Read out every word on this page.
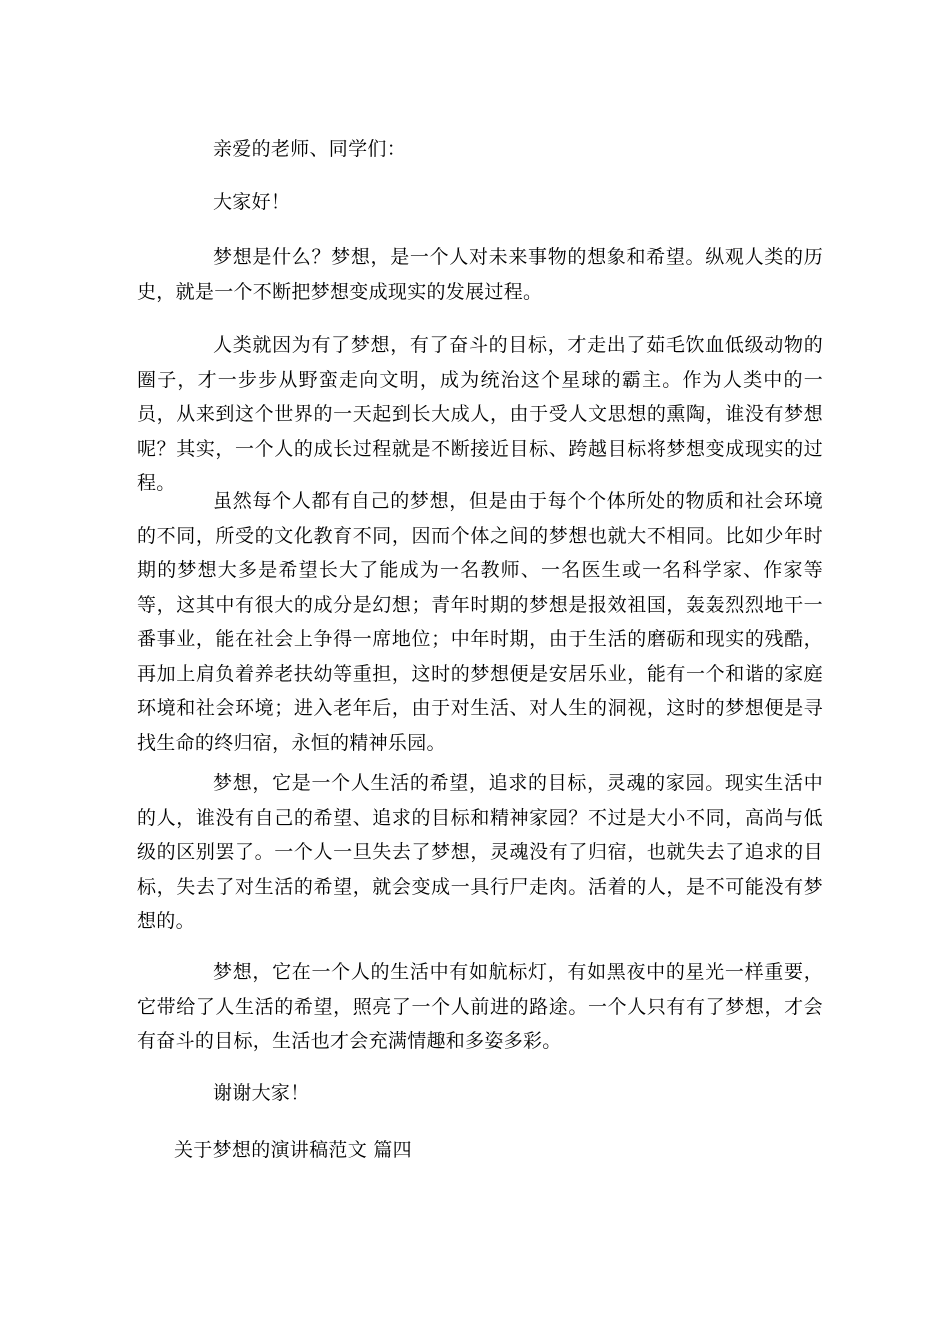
亲爱的老师、同学们：

大家好！

梦想是什么？梦想，是一个人对未来事物的想象和希望。纵观人类的历史，就是一个不断把梦想变成现实的发展过程。

人类就因为有了梦想，有了奋斗的目标，才走出了茹毛饮血低级动物的圈子，才一步步从野蛮走向文明，成为统治这个星球的霸主。作为人类中的一员，从来到这个世界的一天起到长大成人，由于受人文思想的熏陶，谁没有梦想呢？其实，一个人的成长过程就是不断接近目标、跨越目标将梦想变成现实的过程。

虽然每个人都有自己的梦想，但是由于每个个体所处的物质和社会环境的不同，所受的文化教育不同，因而个体之间的梦想也就大不相同。比如少年时期的梦想大多是希望长大了能成为一名教师、一名医生或一名科学家、作家等等，这其中有很大的成分是幻想；青年时期的梦想是报效祖国，轰轰烈烈地干一番事业，能在社会上争得一席地位；中年时期，由于生活的磨砺和现实的残酷，再加上肩负着养老扶幼等重担，这时的梦想便是安居乐业，能有一个和谐的家庭环境和社会环境；进入老年后，由于对生活、对人生的洞视，这时的梦想便是寻找生命的终归宿，永恒的精神乐园。

梦想，它是一个人生活的希望，追求的目标，灵魂的家园。现实生活中的人，谁没有自己的希望、追求的目标和精神家园？不过是大小不同，高尚与低级的区别罢了。一个人一旦失去了梦想，灵魂没有了归宿，也就失去了追求的目标，失去了对生活的希望，就会变成一具行尸走肉。活着的人，是不可能没有梦想的。

梦想，它在一个人的生活中有如航标灯，有如黑夜中的星光一样重要，它带给了人生活的希望，照亮了一个人前进的路途。一个人只有有了梦想，才会有奋斗的目标，生活也才会充满情趣和多姿多彩。

谢谢大家！

关于梦想的演讲稿范文 篇四
